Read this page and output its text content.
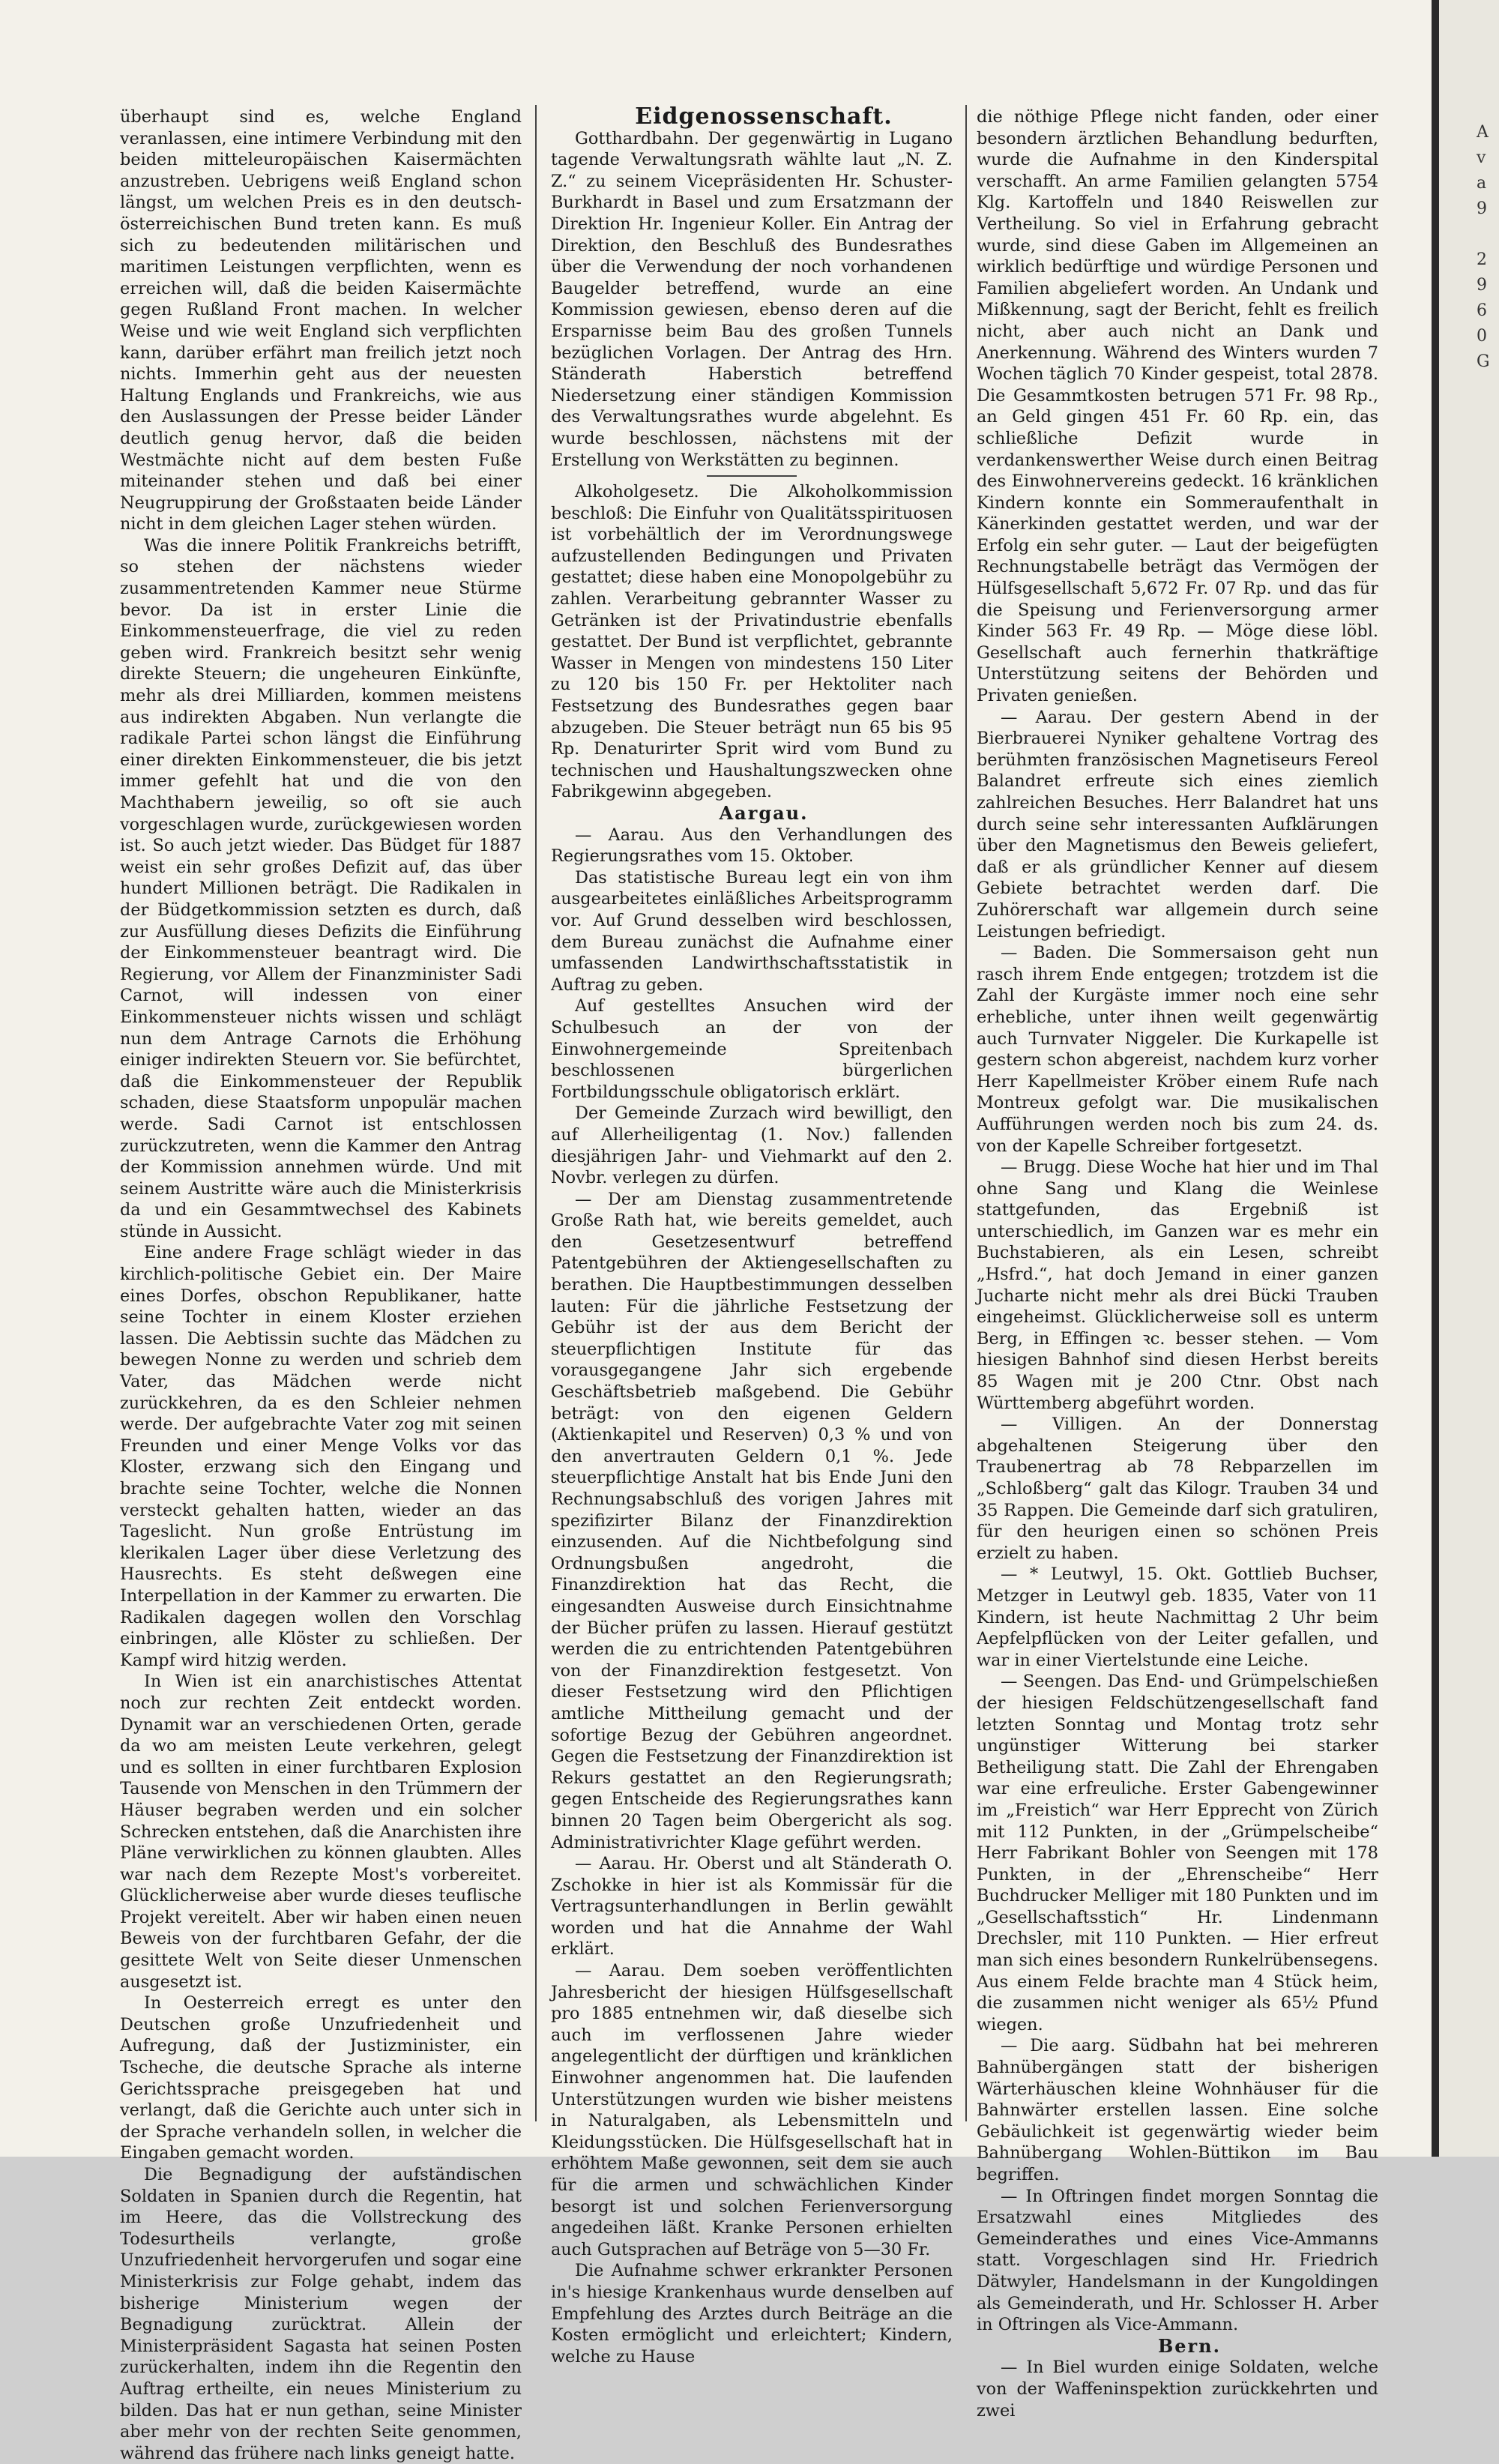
überhaupt sind es, welche England veranlassen, eine intimere Verbindung mit den beiden mitteleuropäischen Kaisermächten anzustreben. Uebrigens weiß England schon längst, um welchen Preis es in den deutsch-österreichischen Bund treten kann. Es muß sich zu bedeutenden militärischen und maritimen Leistungen verpflichten, wenn es erreichen will, daß die beiden Kaisermächte gegen Rußland Front machen. In welcher Weise und wie weit England sich verpflichten kann, darüber erfährt man freilich jetzt noch nichts. Immerhin geht aus der neuesten Haltung Englands und Frankreichs, wie aus den Auslassungen der Presse beider Länder deutlich genug hervor, daß die beiden Westmächte nicht auf dem besten Fuße miteinander stehen und daß bei einer Neugruppirung der Großstaaten beide Länder nicht in dem gleichen Lager stehen würden.

Was die innere Politik Frankreichs betrifft, so stehen der nächstens wieder zusammentretenden Kammer neue Stürme bevor. Da ist in erster Linie die Einkommensteuerfrage, die viel zu reden geben wird. Frankreich besitzt sehr wenig direkte Steuern; die ungeheuren Einkünfte, mehr als drei Milliarden, kommen meistens aus indirekten Abgaben. Nun verlangte die radikale Partei schon längst die Einführung einer direkten Einkommensteuer, die bis jetzt immer gefehlt hat und die von den Machthabern jeweilig, so oft sie auch vorgeschlagen wurde, zurückgewiesen worden ist. So auch jetzt wieder. Das Büdget für 1887 weist ein sehr großes Defizit auf, das über hundert Millionen beträgt. Die Radikalen in der Büdgetkommission setzten es durch, daß zur Ausfüllung dieses Defizits die Einführung der Einkommensteuer beantragt wird. Die Regierung, vor Allem der Finanzminister Sadi Carnot, will indessen von einer Einkommensteuer nichts wissen und schlägt nun dem Antrage Carnots die Erhöhung einiger indirekten Steuern vor. Sie befürchtet, daß die Einkommensteuer der Republik schaden, diese Staatsform unpopulär machen werde. Sadi Carnot ist entschlossen zurückzutreten, wenn die Kammer den Antrag der Kommission annehmen würde. Und mit seinem Austritte wäre auch die Ministerkrisis da und ein Gesammtwechsel des Kabinets stünde in Aussicht.

Eine andere Frage schlägt wieder in das kirchlich-politische Gebiet ein. Der Maire eines Dorfes, obschon Republikaner, hatte seine Tochter in einem Kloster erziehen lassen. Die Aebtissin suchte das Mädchen zu bewegen Nonne zu werden und schrieb dem Vater, das Mädchen werde nicht zurückkehren, da es den Schleier nehmen werde. Der aufgebrachte Vater zog mit seinen Freunden und einer Menge Volks vor das Kloster, erzwang sich den Eingang und brachte seine Tochter, welche die Nonnen versteckt gehalten hatten, wieder an das Tageslicht. Nun große Entrüstung im klerikalen Lager über diese Verletzung des Hausrechts. Es steht deßwegen eine Interpellation in der Kammer zu erwarten. Die Radikalen dagegen wollen den Vorschlag einbringen, alle Klöster zu schließen. Der Kampf wird hitzig werden.

In Wien ist ein anarchistisches Attentat noch zur rechten Zeit entdeckt worden. Dynamit war an verschiedenen Orten, gerade da wo am meisten Leute verkehren, gelegt und es sollten in einer furchtbaren Explosion Tausende von Menschen in den Trümmern der Häuser begraben werden und ein solcher Schrecken entstehen, daß die Anarchisten ihre Pläne verwirklichen zu können glaubten. Alles war nach dem Rezepte Most's vorbereitet. Glücklicherweise aber wurde dieses teuflische Projekt vereitelt. Aber wir haben einen neuen Beweis von der furchtbaren Gefahr, der die gesittete Welt von Seite dieser Unmenschen ausgesetzt ist.

In Oesterreich erregt es unter den Deutschen große Unzufriedenheit und Aufregung, daß der Justizminister, ein Tscheche, die deutsche Sprache als interne Gerichtssprache preisgegeben hat und verlangt, daß die Gerichte auch unter sich in der Sprache verhandeln sollen, in welcher die Eingaben gemacht worden.

Die Begnadigung der aufständischen Soldaten in Spanien durch die Regentin, hat im Heere, das die Vollstreckung des Todesurtheils verlangte, große Unzufriedenheit hervorgerufen und sogar eine Ministerkrisis zur Folge gehabt, indem das bisherige Ministerium wegen der Begnadigung zurücktrat. Allein der Ministerpräsident Sagasta hat seinen Posten zurückerhalten, indem ihn die Regentin den Auftrag ertheilte, ein neues Ministerium zu bilden. Das hat er nun gethan, seine Minister aber mehr von der rechten Seite genommen, während das frühere nach links geneigt hatte.

Eidgenossenschaft.

Gotthardbahn. Der gegenwärtig in Lugano tagende Verwaltungsrath wählte laut „N. Z. Z.“ zu seinem Vicepräsidenten Hr. Schuster-Burkhardt in Basel und zum Ersatzmann der Direktion Hr. Ingenieur Koller. Ein Antrag der Direktion, den Beschluß des Bundesrathes über die Verwendung der noch vorhandenen Baugelder betreffend, wurde an eine Kommission gewiesen, ebenso deren auf die Ersparnisse beim Bau des großen Tunnels bezüglichen Vorlagen. Der Antrag des Hrn. Ständerath Haberstich betreffend Niedersetzung einer ständigen Kommission des Verwaltungsrathes wurde abgelehnt. Es wurde beschlossen, nächstens mit der Erstellung von Werkstätten zu beginnen.

Alkoholgesetz. Die Alkoholkommission beschloß: Die Einfuhr von Qualitätsspirituosen ist vorbehältlich der im Verordnungswege aufzustellenden Bedingungen und Privaten gestattet; diese haben eine Monopolgebühr zu zahlen. Verarbeitung gebrannter Wasser zu Getränken ist der Privatindustrie ebenfalls gestattet. Der Bund ist verpflichtet, gebrannte Wasser in Mengen von mindestens 150 Liter zu 120 bis 150 Fr. per Hektoliter nach Festsetzung des Bundesrathes gegen baar abzugeben. Die Steuer beträgt nun 65 bis 95 Rp. Denaturirter Sprit wird vom Bund zu technischen und Haushaltungszwecken ohne Fabrikgewinn abgegeben.

Aargau.

— Aarau. Aus den Verhandlungen des Regierungsrathes vom 15. Oktober.

Das statistische Bureau legt ein von ihm ausgearbeitetes einläßliches Arbeitsprogramm vor. Auf Grund desselben wird beschlossen, dem Bureau zunächst die Aufnahme einer umfassenden Landwirthschaftsstatistik in Auftrag zu geben.

Auf gestelltes Ansuchen wird der Schulbesuch an der von der Einwohnergemeinde Spreitenbach beschlossenen bürgerlichen Fortbildungsschule obligatorisch erklärt.

Der Gemeinde Zurzach wird bewilligt, den auf Allerheiligentag (1. Nov.) fallenden diesjährigen Jahr- und Viehmarkt auf den 2. Novbr. verlegen zu dürfen.

— Der am Dienstag zusammentretende Große Rath hat, wie bereits gemeldet, auch den Gesetzesentwurf betreffend Patentgebühren der Aktiengesellschaften zu berathen. Die Hauptbestimmungen desselben lauten: Für die jährliche Festsetzung der Gebühr ist der aus dem Bericht der steuerpflichtigen Institute für das vorausgegangene Jahr sich ergebende Geschäftsbetrieb maßgebend. Die Gebühr beträgt: von den eigenen Geldern (Aktienkapitel und Reserven) 0,3 % und von den anvertrauten Geldern 0,1 %. Jede steuerpflichtige Anstalt hat bis Ende Juni den Rechnungsabschluß des vorigen Jahres mit spezifizirter Bilanz der Finanzdirektion einzusenden. Auf die Nichtbefolgung sind Ordnungsbußen angedroht, die Finanzdirektion hat das Recht, die eingesandten Ausweise durch Einsichtnahme der Bücher prüfen zu lassen. Hierauf gestützt werden die zu entrichtenden Patentgebühren von der Finanzdirektion festgesetzt. Von dieser Festsetzung wird den Pflichtigen amtliche Mittheilung gemacht und der sofortige Bezug der Gebühren angeordnet. Gegen die Festsetzung der Finanzdirektion ist Rekurs gestattet an den Regierungsrath; gegen Entscheide des Regierungsrathes kann binnen 20 Tagen beim Obergericht als sog. Administrativrichter Klage geführt werden.

— Aarau. Hr. Oberst und alt Ständerath O. Zschokke in hier ist als Kommissär für die Vertragsunterhandlungen in Berlin gewählt worden und hat die Annahme der Wahl erklärt.

— Aarau. Dem soeben veröffentlichten Jahresbericht der hiesigen Hülfsgesellschaft pro 1885 entnehmen wir, daß dieselbe sich auch im verflossenen Jahre wieder angelegentlicht der dürftigen und kränklichen Einwohner angenommen hat. Die laufenden Unterstützungen wurden wie bisher meistens in Naturalgaben, als Lebensmitteln und Kleidungsstücken. Die Hülfsgesellschaft hat in erhöhtem Maße gewonnen, seit dem sie auch für die armen und schwächlichen Kinder besorgt ist und solchen Ferienversorgung angedeihen läßt. Kranke Personen erhielten auch Gutsprachen auf Beträge von 5—30 Fr.

Die Aufnahme schwer erkrankter Personen in's hiesige Krankenhaus wurde denselben auf Empfehlung des Arztes durch Beiträge an die Kosten ermöglicht und erleichtert; Kindern, welche zu Hause

die nöthige Pflege nicht fanden, oder einer besondern ärztlichen Behandlung bedurften, wurde die Aufnahme in den Kinderspital verschafft. An arme Familien gelangten 5754 Klg. Kartoffeln und 1840 Reiswellen zur Vertheilung. So viel in Erfahrung gebracht wurde, sind diese Gaben im Allgemeinen an wirklich bedürftige und würdige Personen und Familien abgeliefert worden. An Undank und Mißkennung, sagt der Bericht, fehlt es freilich nicht, aber auch nicht an Dank und Anerkennung. Während des Winters wurden 7 Wochen täglich 70 Kinder gespeist, total 2878. Die Gesammtkosten betrugen 571 Fr. 98 Rp., an Geld gingen 451 Fr. 60 Rp. ein, das schließliche Defizit wurde in verdankenswerther Weise durch einen Beitrag des Einwohnervereins gedeckt. 16 kränklichen Kindern konnte ein Sommeraufenthalt in Känerkinden gestattet werden, und war der Erfolg ein sehr guter. — Laut der beigefügten Rechnungstabelle beträgt das Vermögen der Hülfsgesellschaft 5,672 Fr. 07 Rp. und das für die Speisung und Ferienversorgung armer Kinder 563 Fr. 49 Rp. — Möge diese löbl. Gesellschaft auch fernerhin thatkräftige Unterstützung seitens der Behörden und Privaten genießen.

— Aarau. Der gestern Abend in der Bierbrauerei Nyniker gehaltene Vortrag des berühmten französischen Magnetiseurs Fereol Balandret erfreute sich eines ziemlich zahlreichen Besuches. Herr Balandret hat uns durch seine sehr interessanten Aufklärungen über den Magnetismus den Beweis geliefert, daß er als gründlicher Kenner auf diesem Gebiete betrachtet werden darf. Die Zuhörerschaft war allgemein durch seine Leistungen befriedigt.

— Baden. Die Sommersaison geht nun rasch ihrem Ende entgegen; trotzdem ist die Zahl der Kurgäste immer noch eine sehr erhebliche, unter ihnen weilt gegenwärtig auch Turnvater Niggeler. Die Kurkapelle ist gestern schon abgereist, nachdem kurz vorher Herr Kapellmeister Kröber einem Rufe nach Montreux gefolgt war. Die musikalischen Aufführungen werden noch bis zum 24. ds. von der Kapelle Schreiber fortgesetzt.

— Brugg. Diese Woche hat hier und im Thal ohne Sang und Klang die Weinlese stattgefunden, das Ergebniß ist unterschiedlich, im Ganzen war es mehr ein Buchstabieren, als ein Lesen, schreibt „Hsfrd.“, hat doch Jemand in einer ganzen Jucharte nicht mehr als drei Bücki Trauben eingeheimst. Glücklicherweise soll es unterm Berg, in Effingen ꝛc. besser stehen. — Vom hiesigen Bahnhof sind diesen Herbst bereits 85 Wagen mit je 200 Ctnr. Obst nach Württemberg abgeführt worden.

— Villigen. An der Donnerstag abgehaltenen Steigerung über den Traubenertrag ab 78 Rebparzellen im „Schloßberg“ galt das Kilogr. Trauben 34 und 35 Rappen. Die Gemeinde darf sich gratuliren, für den heurigen einen so schönen Preis erzielt zu haben.

— * Leutwyl, 15. Okt. Gottlieb Buchser, Metzger in Leutwyl geb. 1835, Vater von 11 Kindern, ist heute Nachmittag 2 Uhr beim Aepfelpflücken von der Leiter gefallen, und war in einer Viertelstunde eine Leiche.

— Seengen. Das End- und Grümpelschießen der hiesigen Feldschützengesellschaft fand letzten Sonntag und Montag trotz sehr ungünstiger Witterung bei starker Betheiligung statt. Die Zahl der Ehrengaben war eine erfreuliche. Erster Gabengewinner im „Freistich“ war Herr Epprecht von Zürich mit 112 Punkten, in der „Grümpelscheibe“ Herr Fabrikant Bohler von Seengen mit 178 Punkten, in der „Ehrenscheibe“ Herr Buchdrucker Melliger mit 180 Punkten und im „Gesellschaftsstich“ Hr. Lindenmann Drechsler, mit 110 Punkten. — Hier erfreut man sich eines besondern Runkelrübensegens. Aus einem Felde brachte man 4 Stück heim, die zusammen nicht weniger als 65½ Pfund wiegen.

— Die aarg. Südbahn hat bei mehreren Bahnübergängen statt der bisherigen Wärterhäuschen kleine Wohnhäuser für die Bahnwärter erstellen lassen. Eine solche Gebäulichkeit ist gegenwärtig wieder beim Bahnübergang Wohlen-Büttikon im Bau begriffen.

— In Oftringen findet morgen Sonntag die Ersatzwahl eines Mitgliedes des Gemeinderathes und eines Vice-Ammanns statt. Vorgeschlagen sind Hr. Friedrich Dätwyler, Handelsmann in der Kungoldingen als Gemeinderath, und Hr. Schlosser H. Arber in Oftringen als Vice-Ammann.

Bern.

— In Biel wurden einige Soldaten, welche von der Waffeninspektion zurückkehrten und zwei

A
v
a
9
2
9
6
0
G
